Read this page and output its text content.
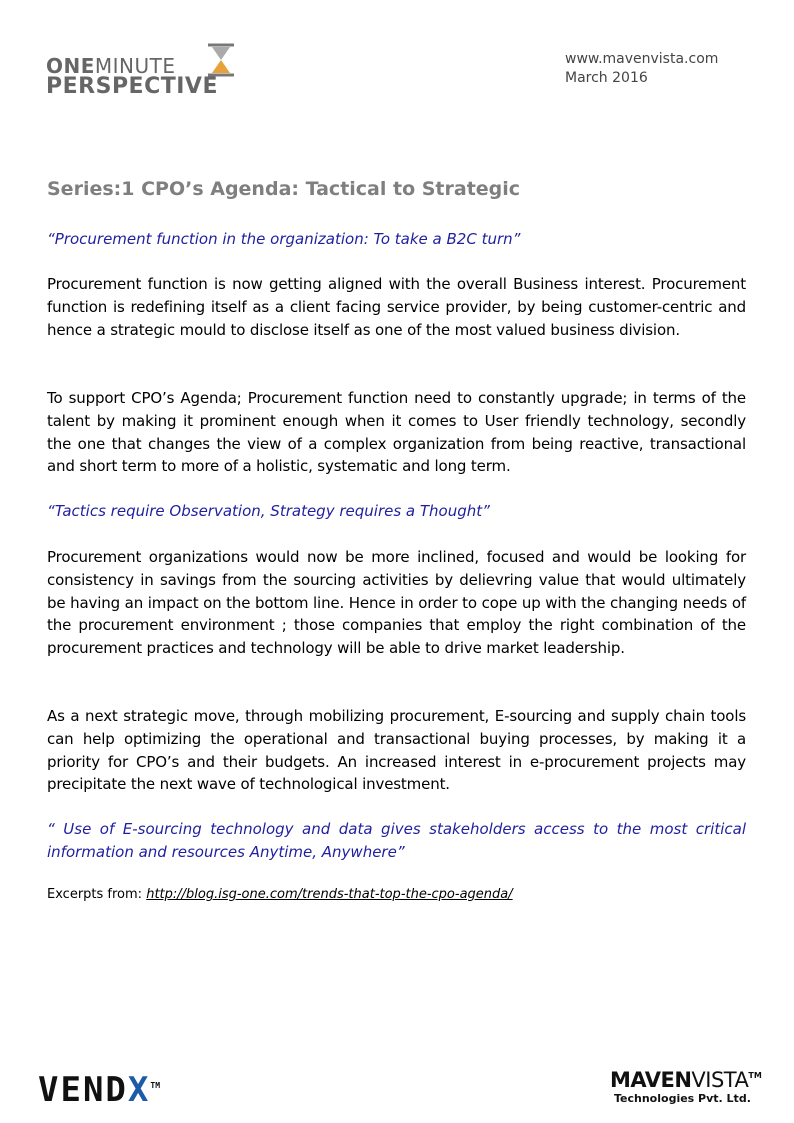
ONEMINUTE
PERSPECTIVE
www.mavenvista.com
March 2016
Series:1 CPO’s Agenda: Tactical to Strategic
“Procurement function in the organization: To take a B2C turn”
Procurement function is now getting aligned with the overall Business interest. Procurement function is redefining itself as a client facing service provider, by being customer-centric and hence a strategic mould to disclose itself as one of the most valued business division.
To support CPO’s Agenda; Procurement function need to constantly upgrade; in terms of the talent by making it prominent enough when it comes to User friendly technology, secondly the one that changes the view of a complex organization from being reactive, transactional and short term to more of a holistic, systematic and long term.
“Tactics require Observation, Strategy requires a Thought”
Procurement organizations would now be more inclined, focused and would be looking for consistency in savings from the sourcing activities by delievring value that would ultimately be having an impact on the bottom line. Hence in order to cope up with the changing needs of the procurement environment ; those companies that employ the right combination of the procurement practices and technology will be able to drive market leadership.
As a next strategic move, through mobilizing procurement, E-sourcing and supply chain tools can help optimizing the operational and transactional buying processes, by making it a priority for CPO’s and their budgets. An increased interest in e-procurement projects may precipitate the next wave of technological investment.
“ Use of E-sourcing technology and data gives stakeholders access to the most critical information and resources Anytime, Anywhere”
Excerpts from: http://blog.isg-one.com/trends-that-top-the-cpo-agenda/
VENDX™	MAVENVISTA™
Technologies Pvt. Ltd.
